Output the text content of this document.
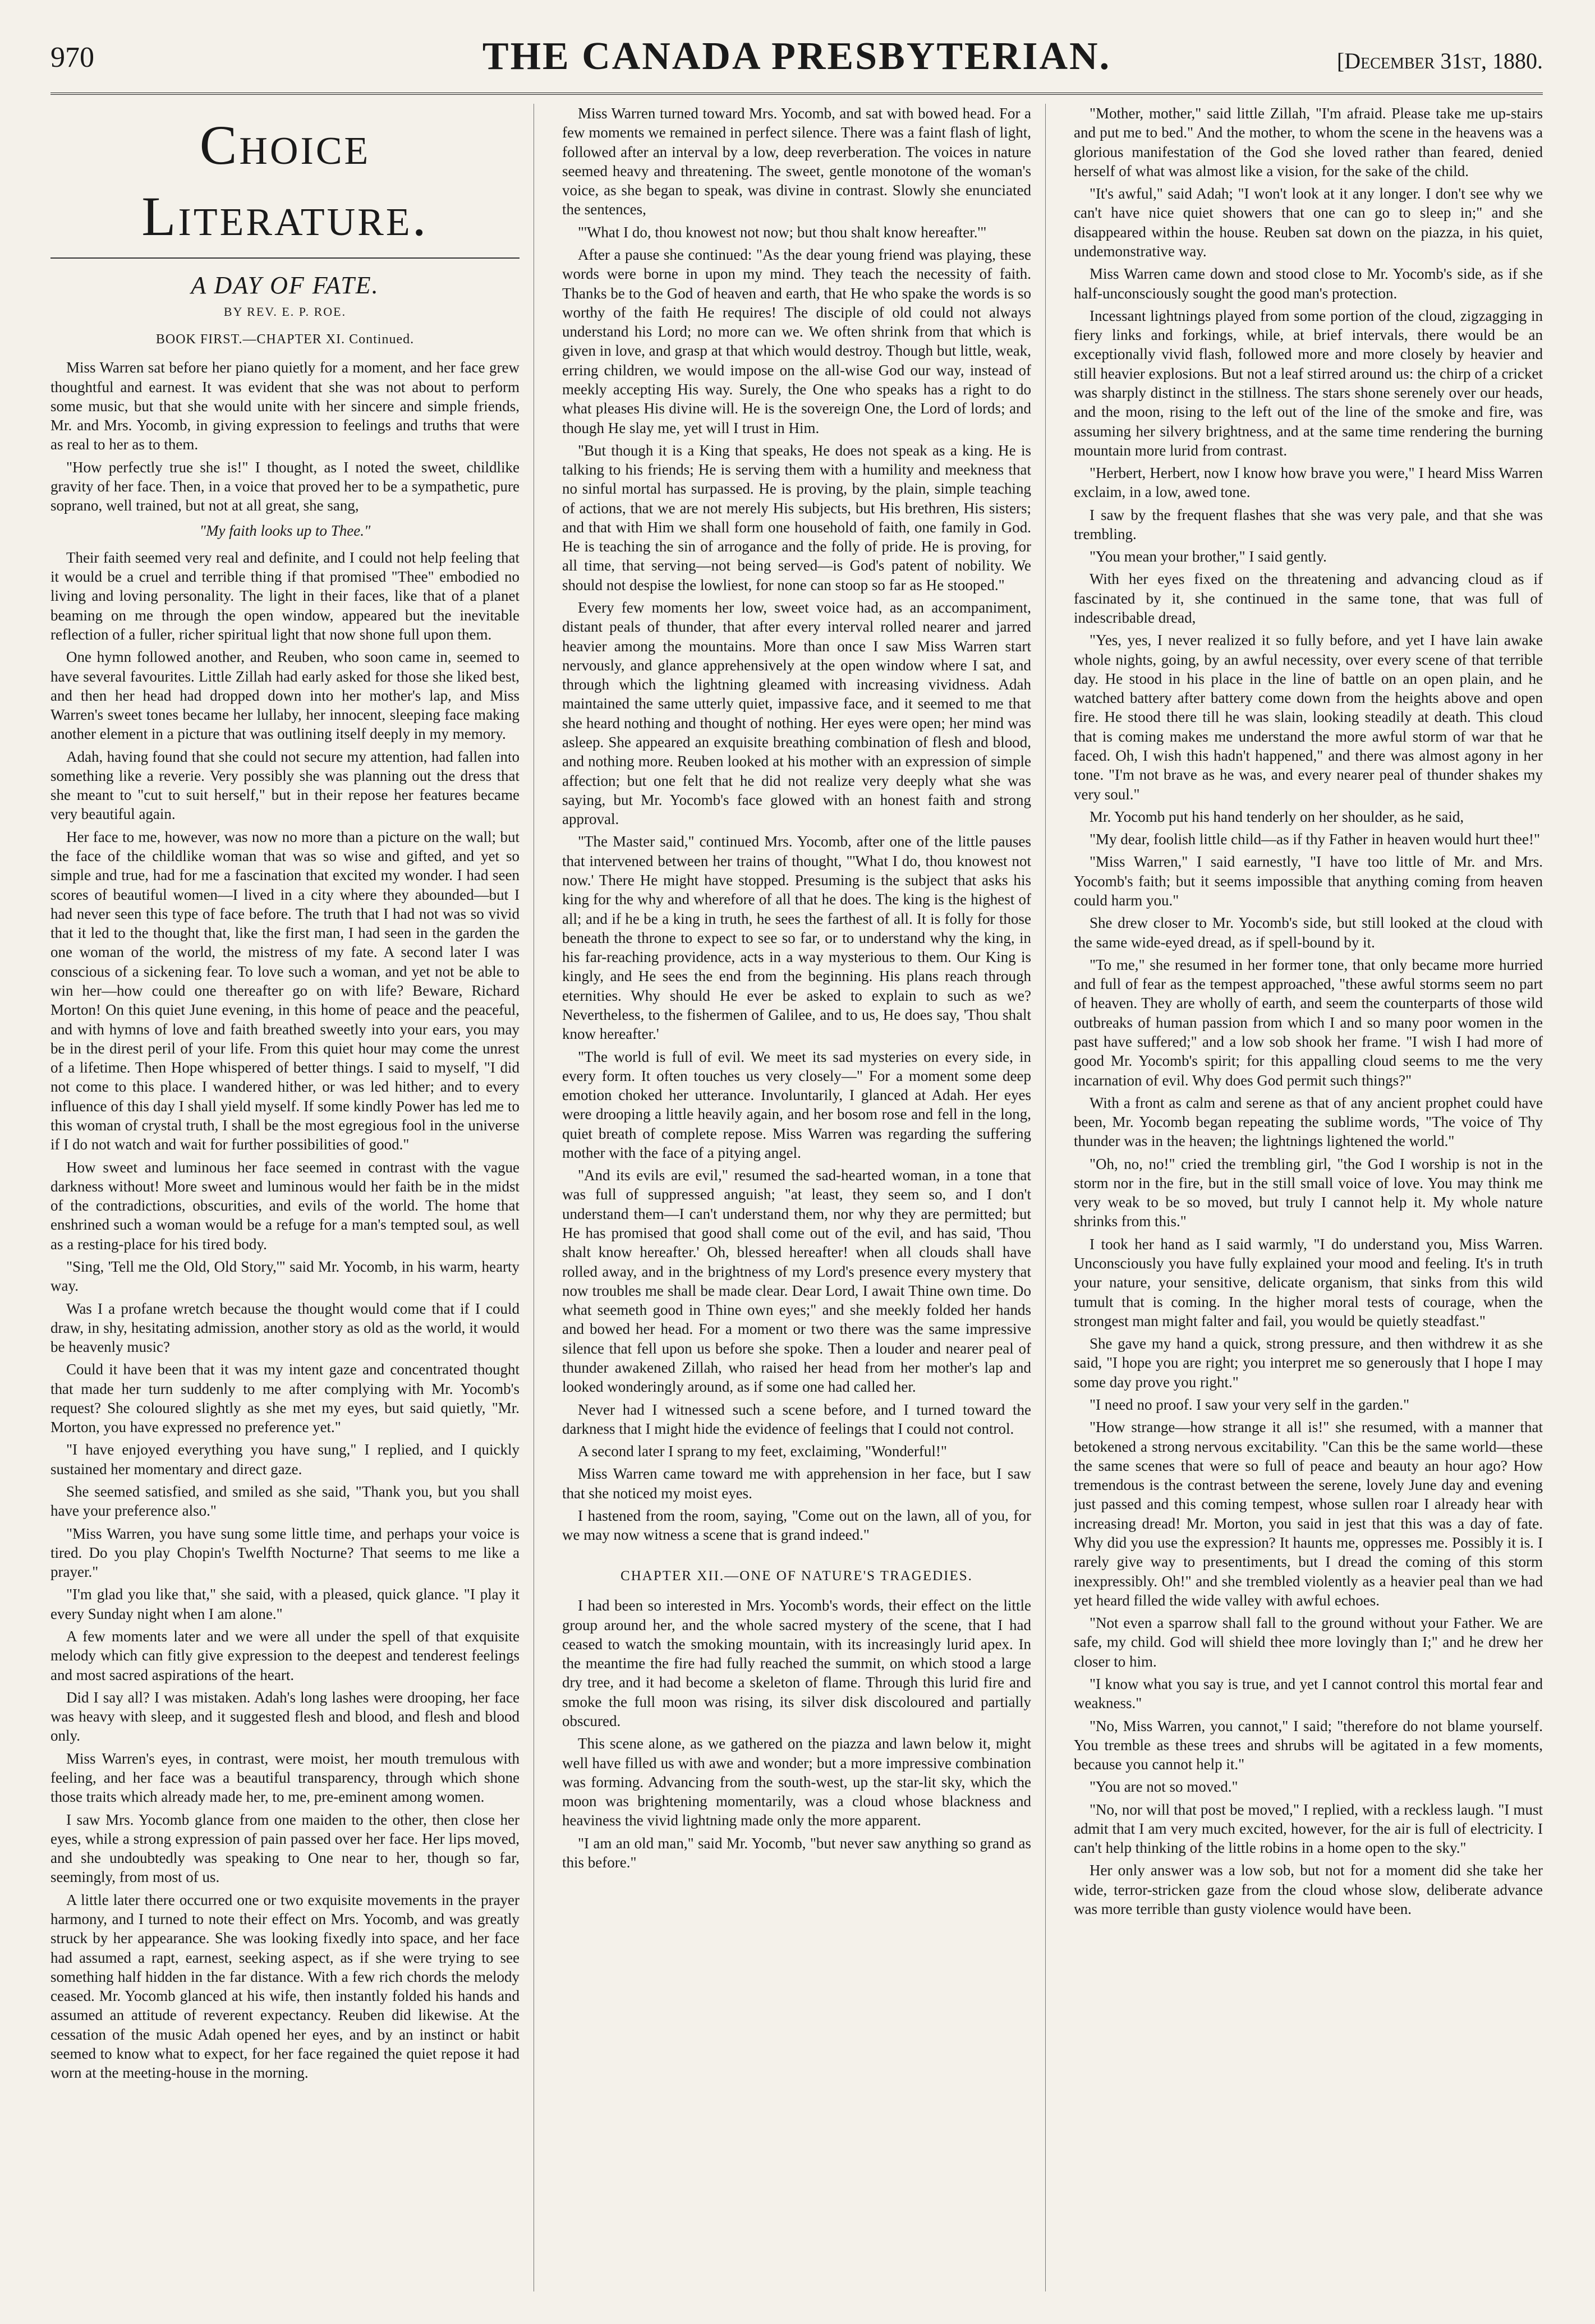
970	THE CANADA PRESBYTERIAN.	[December 31st, 1880.
Choice Literature.
A DAY OF FATE.
BY REV. E. P. ROE.
BOOK FIRST.—CHAPTER XI. Continued.

Miss Warren sat before her piano quietly for a moment, and her face grew thoughtful and earnest. It was evident that she was not about to perform some music, but that she would unite with her sincere and simple friends, Mr. and Mrs. Yocomb, in giving expression to feelings and truths that were as real to her as to them.

"How perfectly true she is!" I thought, as I noted the sweet, childlike gravity of her face. Then, in a voice that proved her to be a sympathetic, pure soprano, well trained, but not at all great, she sang,

"My faith looks up to Thee."

Their faith seemed very real and definite, and I could not help feeling that it would be a cruel and terrible thing if that promised "Thee" embodied no living and loving personality. The light in their faces, like that of a planet beaming on me through the open window, appeared but the inevitable reflection of a fuller, richer spiritual light that now shone full upon them.

One hymn followed another, and Reuben, who soon came in, seemed to have several favourites. Little Zillah had early asked for those she liked best, and then her head had dropped down into her mother's lap, and Miss Warren's sweet tones became her lullaby, her innocent, sleeping face making another element in a picture that was outlining itself deeply in my memory.

Adah, having found that she could not secure my attention, had fallen into something like a reverie. Very possibly she was planning out the dress that she meant to "cut to suit herself," but in their repose her features became very beautiful again.

Her face to me, however, was now no more than a picture on the wall; but the face of the childlike woman that was so wise and gifted, and yet so simple and true, had for me a fascination that excited my wonder. I had seen scores of beautiful women—I lived in a city where they abounded—but I had never seen this type of face before. The truth that I had not was so vivid that it led to the thought that, like the first man, I had seen in the garden the one woman of the world, the mistress of my fate. A second later I was conscious of a sickening fear. To love such a woman, and yet not be able to win her—how could one thereafter go on with life? Beware, Richard Morton! On this quiet June evening, in this home of peace and the peaceful, and with hymns of love and faith breathed sweetly into your ears, you may be in the direst peril of your life. From this quiet hour may come the unrest of a lifetime. Then Hope whispered of better things. I said to myself, "I did not come to this place. I wandered hither, or was led hither; and to every influence of this day I shall yield myself. If some kindly Power has led me to this woman of crystal truth, I shall be the most egregious fool in the universe if I do not watch and wait for further possibilities of good."

How sweet and luminous her face seemed in contrast with the vague darkness without! More sweet and luminous would her faith be in the midst of the contradictions, obscurities, and evils of the world. The home that enshrined such a woman would be a refuge for a man's tempted soul, as well as a resting-place for his tired body.

"Sing, 'Tell me the Old, Old Story,'" said Mr. Yocomb, in his warm, hearty way.

Was I a profane wretch because the thought would come that if I could draw, in shy, hesitating admission, another story as old as the world, it would be heavenly music?

Could it have been that it was my intent gaze and concentrated thought that made her turn suddenly to me after complying with Mr. Yocomb's request? She coloured slightly as she met my eyes, but said quietly, "Mr. Morton, you have expressed no preference yet."

"I have enjoyed everything you have sung," I replied, and I quickly sustained her momentary and direct gaze.

She seemed satisfied, and smiled as she said, "Thank you, but you shall have your preference also."

"Miss Warren, you have sung some little time, and perhaps your voice is tired. Do you play Chopin's Twelfth Nocturne? That seems to me like a prayer."

"I'm glad you like that," she said, with a pleased, quick glance. "I play it every Sunday night when I am alone."

A few moments later and we were all under the spell of that exquisite melody which can fitly give expression to the deepest and tenderest feelings and most sacred aspirations of the heart.

Did I say all? I was mistaken. Adah's long lashes were drooping, her face was heavy with sleep, and it suggested flesh and blood, and flesh and blood only.

Miss Warren's eyes, in contrast, were moist, her mouth tremulous with feeling, and her face was a beautiful transparency, through which shone those traits which already made her, to me, pre-eminent among women.

I saw Mrs. Yocomb glance from one maiden to the other, then close her eyes, while a strong expression of pain passed over her face. Her lips moved, and she undoubtedly was speaking to One near to her, though so far, seemingly, from most of us.

A little later there occurred one or two exquisite movements in the prayer harmony, and I turned to note their effect on Mrs. Yocomb, and was greatly struck by her appearance. She was looking fixedly into space, and her face had assumed a rapt, earnest, seeking aspect, as if she were trying to see something half hidden in the far distance. With a few rich chords the melody ceased. Mr. Yocomb glanced at his wife, then instantly folded his hands and assumed an attitude of reverent expectancy. Reuben did likewise. At the cessation of the music Adah opened her eyes, and by an instinct or habit seemed to know what to expect, for her face regained the quiet repose it had worn at the meeting-house in the morning.

Miss Warren turned toward Mrs. Yocomb, and sat with bowed head. For a few moments we remained in perfect silence. There was a faint flash of light, followed after an interval by a low, deep reverberation. The voices in nature seemed heavy and threatening. The sweet, gentle monotone of the woman's voice, as she began to speak, was divine in contrast. Slowly she enunciated the sentences,

"'What I do, thou knowest not now; but thou shalt know hereafter.'"

After a pause she continued: "As the dear young friend was playing, these words were borne in upon my mind. They teach the necessity of faith. Thanks be to the God of heaven and earth, that He who spake the words is so worthy of the faith He requires! The disciple of old could not always understand his Lord; no more can we. We often shrink from that which is given in love, and grasp at that which would destroy. Though but little, weak, erring children, we would impose on the all-wise God our way, instead of meekly accepting His way. Surely, the One who speaks has a right to do what pleases His divine will. He is the sovereign One, the Lord of lords; and though He slay me, yet will I trust in Him.

"But though it is a King that speaks, He does not speak as a king. He is talking to his friends; He is serving them with a humility and meekness that no sinful mortal has surpassed. He is proving, by the plain, simple teaching of actions, that we are not merely His subjects, but His brethren, His sisters; and that with Him we shall form one household of faith, one family in God. He is teaching the sin of arrogance and the folly of pride. He is proving, for all time, that serving—not being served—is God's patent of nobility. We should not despise the lowliest, for none can stoop so far as He stooped."

Every few moments her low, sweet voice had, as an accompaniment, distant peals of thunder, that after every interval rolled nearer and jarred heavier among the mountains. More than once I saw Miss Warren start nervously, and glance apprehensively at the open window where I sat, and through which the lightning gleamed with increasing vividness. Adah maintained the same utterly quiet, impassive face, and it seemed to me that she heard nothing and thought of nothing. Her eyes were open; her mind was asleep. She appeared an exquisite breathing combination of flesh and blood, and nothing more. Reuben looked at his mother with an expression of simple affection; but one felt that he did not realize very deeply what she was saying, but Mr. Yocomb's face glowed with an honest faith and strong approval.

"The Master said," continued Mrs. Yocomb, after one of the little pauses that intervened between her trains of thought, "'What I do, thou knowest not now.' There He might have stopped. Presuming is the subject that asks his king for the why and wherefore of all that he does. The king is the highest of all; and if he be a king in truth, he sees the farthest of all. It is folly for those beneath the throne to expect to see so far, or to understand why the king, in his far-reaching providence, acts in a way mysterious to them. Our King is kingly, and He sees the end from the beginning. His plans reach through eternities. Why should He ever be asked to explain to such as we? Nevertheless, to the fishermen of Galilee, and to us, He does say, 'Thou shalt know hereafter.'

"The world is full of evil. We meet its sad mysteries on every side, in every form. It often touches us very closely—" For a moment some deep emotion choked her utterance. Involuntarily, I glanced at Adah. Her eyes were drooping a little heavily again, and her bosom rose and fell in the long, quiet breath of complete repose. Miss Warren was regarding the suffering mother with the face of a pitying angel.

"And its evils are evil," resumed the sad-hearted woman, in a tone that was full of suppressed anguish; "at least, they seem so, and I don't understand them—I can't understand them, nor why they are permitted; but He has promised that good shall come out of the evil, and has said, 'Thou shalt know hereafter.' Oh, blessed hereafter! when all clouds shall have rolled away, and in the brightness of my Lord's presence every mystery that now troubles me shall be made clear. Dear Lord, I await Thine own time. Do what seemeth good in Thine own eyes;" and she meekly folded her hands and bowed her head. For a moment or two there was the same impressive silence that fell upon us before she spoke. Then a louder and nearer peal of thunder awakened Zillah, who raised her head from her mother's lap and looked wonderingly around, as if some one had called her.

Never had I witnessed such a scene before, and I turned toward the darkness that I might hide the evidence of feelings that I could not control.

A second later I sprang to my feet, exclaiming, "Wonderful!"

Miss Warren came toward me with apprehension in her face, but I saw that she noticed my moist eyes.

I hastened from the room, saying, "Come out on the lawn, all of you, for we may now witness a scene that is grand indeed."

CHAPTER XII.—ONE OF NATURE'S TRAGEDIES.

I had been so interested in Mrs. Yocomb's words, their effect on the little group around her, and the whole sacred mystery of the scene, that I had ceased to watch the smoking mountain, with its increasingly lurid apex. In the meantime the fire had fully reached the summit, on which stood a large dry tree, and it had become a skeleton of flame. Through this lurid fire and smoke the full moon was rising, its silver disk discoloured and partially obscured.

This scene alone, as we gathered on the piazza and lawn below it, might well have filled us with awe and wonder; but a more impressive combination was forming. Advancing from the south-west, up the star-lit sky, which the moon was brightening momentarily, was a cloud whose blackness and heaviness the vivid lightning made only the more apparent.

"I am an old man," said Mr. Yocomb, "but never saw anything so grand as this before."

"Mother, mother," said little Zillah, "I'm afraid. Please take me up-stairs and put me to bed." And the mother, to whom the scene in the heavens was a glorious manifestation of the God she loved rather than feared, denied herself of what was almost like a vision, for the sake of the child.

"It's awful," said Adah; "I won't look at it any longer. I don't see why we can't have nice quiet showers that one can go to sleep in;" and she disappeared within the house. Reuben sat down on the piazza, in his quiet, undemonstrative way.

Miss Warren came down and stood close to Mr. Yocomb's side, as if she half-unconsciously sought the good man's protection.

Incessant lightnings played from some portion of the cloud, zigzagging in fiery links and forkings, while, at brief intervals, there would be an exceptionally vivid flash, followed more and more closely by heavier and still heavier explosions. But not a leaf stirred around us: the chirp of a cricket was sharply distinct in the stillness. The stars shone serenely over our heads, and the moon, rising to the left out of the line of the smoke and fire, was assuming her silvery brightness, and at the same time rendering the burning mountain more lurid from contrast.

"Herbert, Herbert, now I know how brave you were," I heard Miss Warren exclaim, in a low, awed tone.

I saw by the frequent flashes that she was very pale, and that she was trembling.

"You mean your brother," I said gently.

With her eyes fixed on the threatening and advancing cloud as if fascinated by it, she continued in the same tone, that was full of indescribable dread,

"Yes, yes, I never realized it so fully before, and yet I have lain awake whole nights, going, by an awful necessity, over every scene of that terrible day. He stood in his place in the line of battle on an open plain, and he watched battery after battery come down from the heights above and open fire. He stood there till he was slain, looking steadily at death. This cloud that is coming makes me understand the more awful storm of war that he faced. Oh, I wish this hadn't happened," and there was almost agony in her tone. "I'm not brave as he was, and every nearer peal of thunder shakes my very soul."

Mr. Yocomb put his hand tenderly on her shoulder, as he said,

"My dear, foolish little child—as if thy Father in heaven would hurt thee!"

"Miss Warren," I said earnestly, "I have too little of Mr. and Mrs. Yocomb's faith; but it seems impossible that anything coming from heaven could harm you."

She drew closer to Mr. Yocomb's side, but still looked at the cloud with the same wide-eyed dread, as if spell-bound by it.

"To me," she resumed in her former tone, that only became more hurried and full of fear as the tempest approached, "these awful storms seem no part of heaven. They are wholly of earth, and seem the counterparts of those wild outbreaks of human passion from which I and so many poor women in the past have suffered;" and a low sob shook her frame. "I wish I had more of good Mr. Yocomb's spirit; for this appalling cloud seems to me the very incarnation of evil. Why does God permit such things?"

With a front as calm and serene as that of any ancient prophet could have been, Mr. Yocomb began repeating the sublime words, "The voice of Thy thunder was in the heaven; the lightnings lightened the world."

"Oh, no, no!" cried the trembling girl, "the God I worship is not in the storm nor in the fire, but in the still small voice of love. You may think me very weak to be so moved, but truly I cannot help it. My whole nature shrinks from this."

I took her hand as I said warmly, "I do understand you, Miss Warren. Unconsciously you have fully explained your mood and feeling. It's in truth your nature, your sensitive, delicate organism, that sinks from this wild tumult that is coming. In the higher moral tests of courage, when the strongest man might falter and fail, you would be quietly steadfast."

She gave my hand a quick, strong pressure, and then withdrew it as she said, "I hope you are right; you interpret me so generously that I hope I may some day prove you right."

"I need no proof. I saw your very self in the garden."

"How strange—how strange it all is!" she resumed, with a manner that betokened a strong nervous excitability. "Can this be the same world—these the same scenes that were so full of peace and beauty an hour ago? How tremendous is the contrast between the serene, lovely June day and evening just passed and this coming tempest, whose sullen roar I already hear with increasing dread! Mr. Morton, you said in jest that this was a day of fate. Why did you use the expression? It haunts me, oppresses me. Possibly it is. I rarely give way to presentiments, but I dread the coming of this storm inexpressibly. Oh!" and she trembled violently as a heavier peal than we had yet heard filled the wide valley with awful echoes.

"Not even a sparrow shall fall to the ground without your Father. We are safe, my child. God will shield thee more lovingly than I;" and he drew her closer to him.

"I know what you say is true, and yet I cannot control this mortal fear and weakness."

"No, Miss Warren, you cannot," I said; "therefore do not blame yourself. You tremble as these trees and shrubs will be agitated in a few moments, because you cannot help it."

"You are not so moved."

"No, nor will that post be moved," I replied, with a reckless laugh. "I must admit that I am very much excited, however, for the air is full of electricity. I can't help thinking of the little robins in a home open to the sky."

Her only answer was a low sob, but not for a moment did she take her wide, terror-stricken gaze from the cloud whose slow, deliberate advance was more terrible than gusty violence would have been.
